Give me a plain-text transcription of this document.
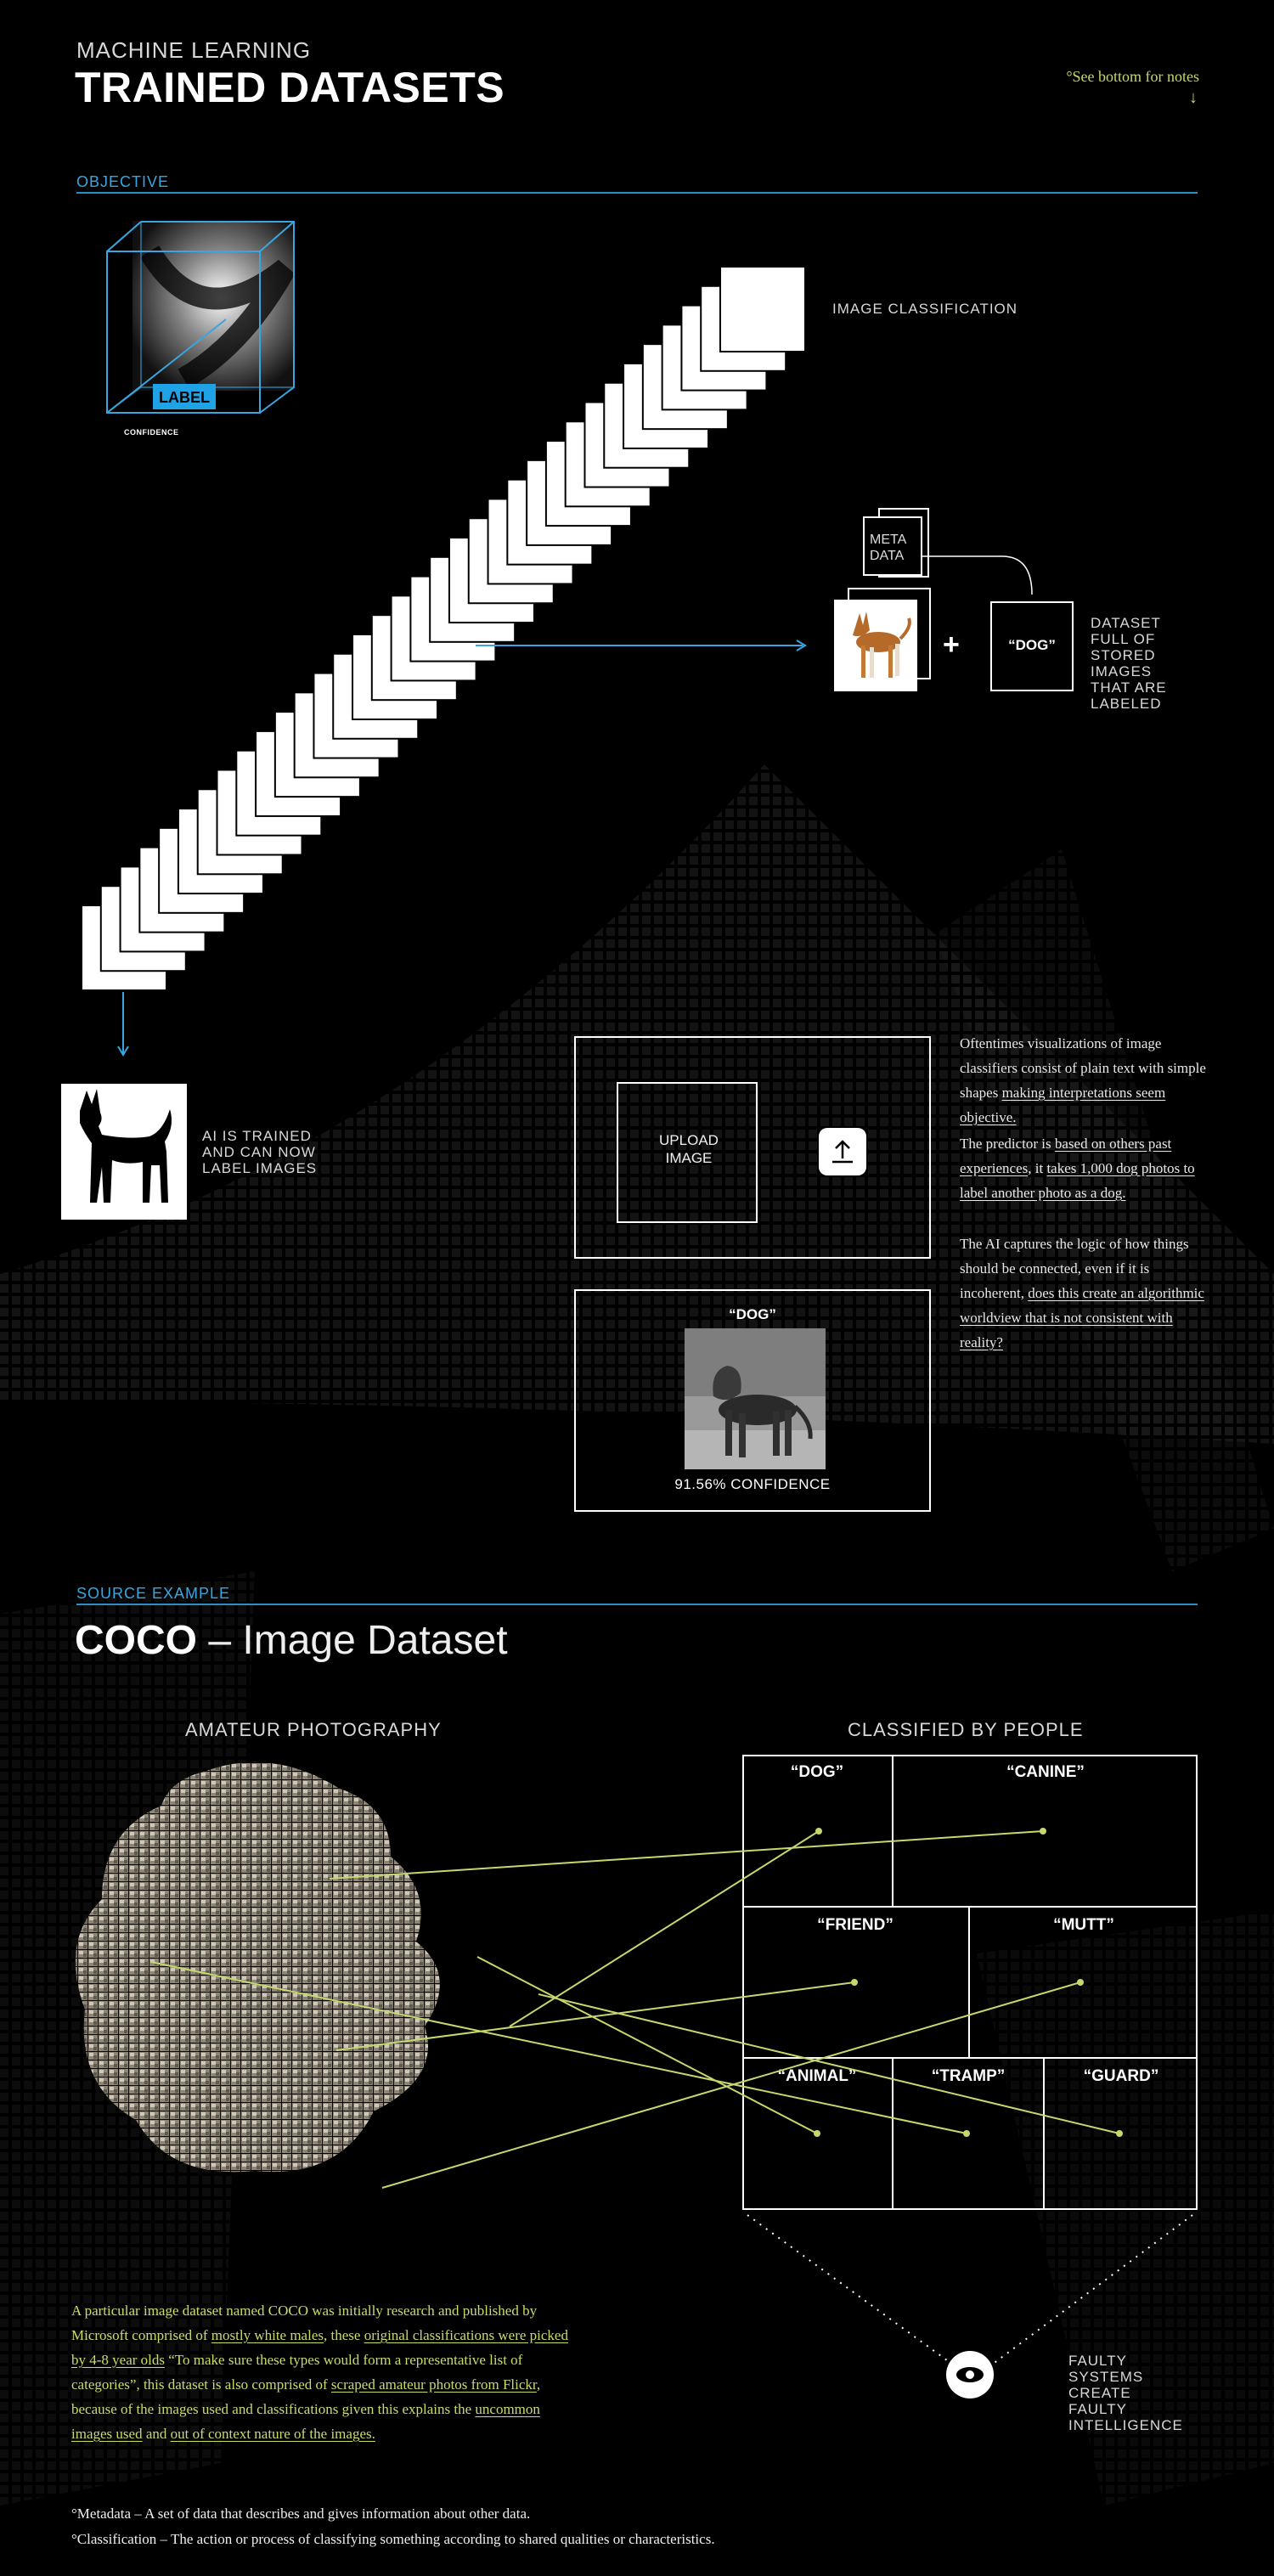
MACHINE LEARNING
TRAINED DATASETS	°See bottom for notes
↓
OBJECTIVE
LABEL
CONFIDENCE
IMAGE CLASSIFICATION
META DATA
+	“DOG”
DATASET FULL OF STORED IMAGES THAT ARE LABELED
AI IS TRAINED AND CAN NOW LABEL IMAGES
UPLOAD IMAGE
“DOG”
91.56% CONFIDENCE
Oftentimes visualizations of image classifiers consist of plain text with simple shapes making interpretations seem objective.
The predictor is based on others past experiences, it takes 1,000 dog photos to label another photo as a dog.
The AI captures the logic of how things should be connected, even if it is incoherent, does this create an algorithmic worldview that is not consistent with reality?
SOURCE EXAMPLE
COCO – Image Dataset
AMATEUR PHOTOGRAPHY	CLASSIFIED BY PEOPLE
“DOG”	“CANINE”
“FRIEND”	“MUTT”
“ANIMAL”	“TRAMP”	“GUARD”
FAULTY SYSTEMS CREATE FAULTY INTELLIGENCE
A particular image dataset named COCO was initially research and published by Microsoft comprised of mostly white males, these original classifications were picked by 4-8 year olds “To make sure these types would form a representative list of categories”, this dataset is also comprised of scraped amateur photos from Flickr, because of the images used and classifications given this explains the uncommon images used and out of context nature of the images.
°Metadata – A set of data that describes and gives information about other data.
°Classification – The action or process of classifying something according to shared qualities or characteristics.
